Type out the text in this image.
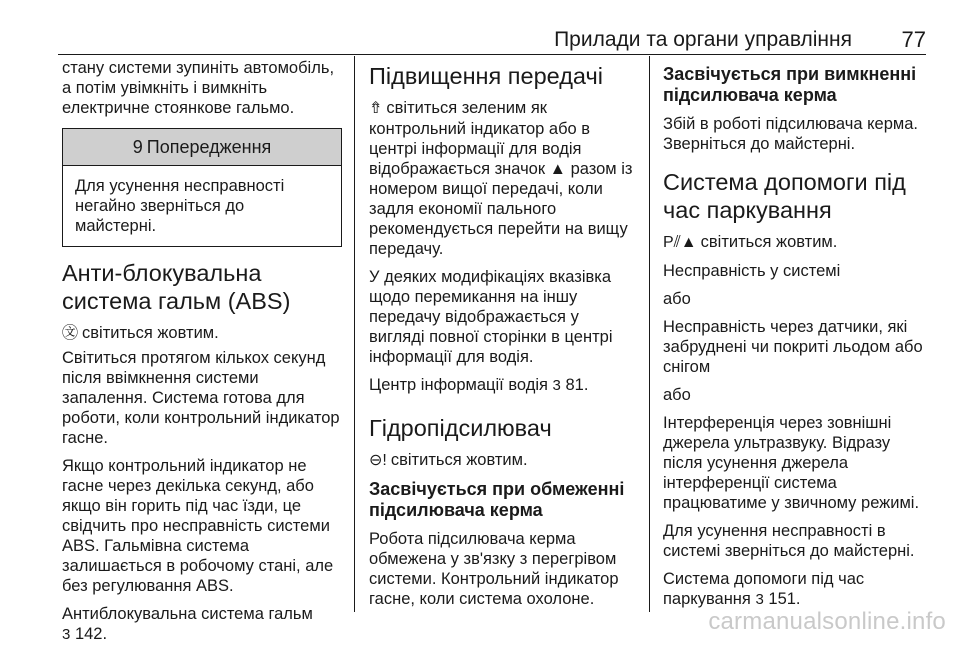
Прилади та органи управління 77

стану системи зупиніть автомобіль, а потім увімкніть і вимкніть електричне стоянкове гальмо.

9 Попередження
Для усунення несправності негайно зверніться до майстерні.
Анти-блокувальна система гальм (ABS)

㉆ світиться жовтим.

Світиться протягом кількох секунд після ввімкнення системи запалення. Система готова для роботи, коли контрольний індикатор гасне.

Якщо контрольний індикатор не гасне через декілька секунд, або якщо він горить під час їзди, це свідчить про несправність системи ABS. Гальмівна система залишається в робочому стані, але без регулювання ABS.

Антиблокувальна система гальм
3 142.

Підвищення передачі

⇮ світиться зеленим як контрольний індикатор або в центрі інформації для водія відображається значок ▲ разом із номером вищої передачі, коли задля економії пального рекомендується перейти на вищу передачу.

У деяких модифікаціях вказівка щодо перемикання на іншу передачу відображається у вигляді повної сторінки в центрі інформації для водія.

Центр інформації водія 3 81.

Гідропідсилювач

⊖! світиться жовтим.

Засвічується при обмеженні підсилювача керма

Робота підсилювача керма обмежена у зв'язку з перегрівом системи. Контрольний індикатор гасне, коли система охолоне.

Засвічується при вимкненні підсилювача керма

Збій в роботі підсилювача керма. Зверніться до майстерні.

Система допомоги під час паркування

P⫽▲ світиться жовтим.

Несправність у системі

або

Несправність через датчики, які забруднені чи покриті льодом або снігом

або

Інтерференція через зовнішні джерела ультразвуку. Відразу після усунення джерела інтерференції система працюватиме у звичному режимі.

Для усунення несправності в системі зверніться до майстерні.

Система допомоги під час паркування 3 151.

carmanualsonline.info
